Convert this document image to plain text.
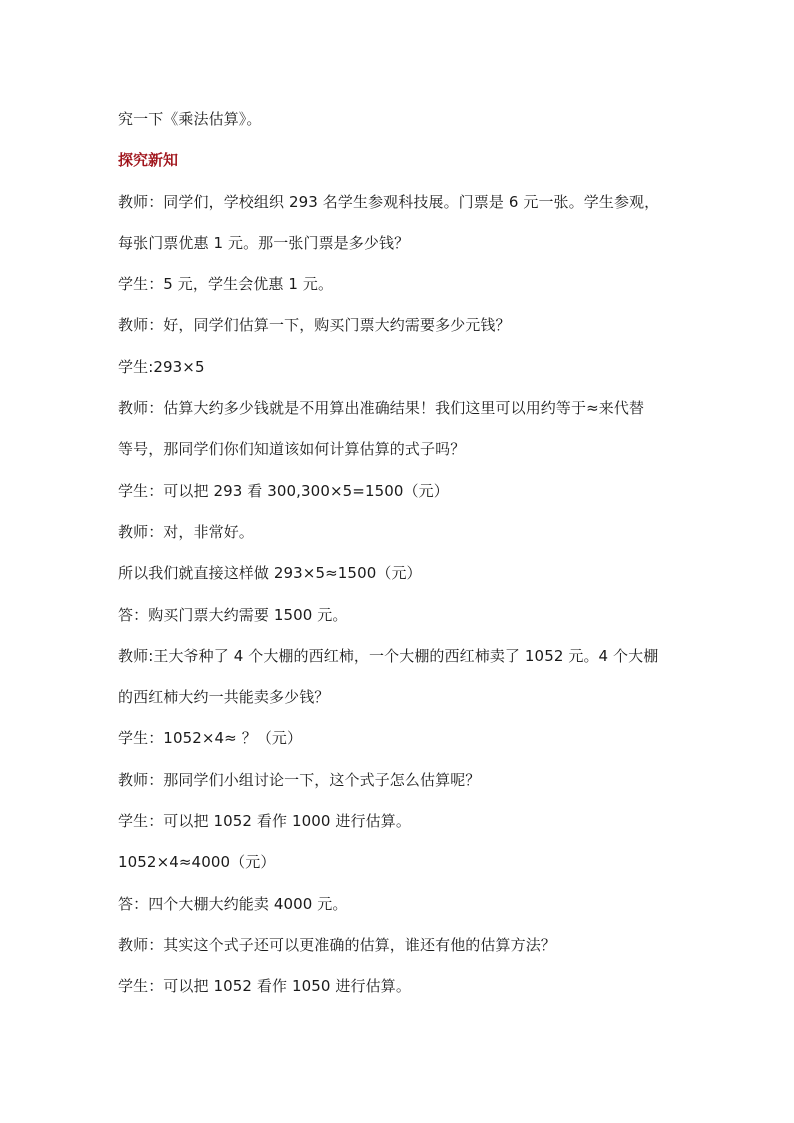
究一下《乘法估算》。
探究新知
教师：同学们，学校组织 293 名学生参观科技展。门票是 6 元一张。学生参观，
每张门票优惠 1 元。那一张门票是多少钱？
学生：5 元，学生会优惠 1 元。
教师：好，同学们估算一下，购买门票大约需要多少元钱？
学生:293×5
教师：估算大约多少钱就是不用算出准确结果！我们这里可以用约等于≈来代替
等号，那同学们你们知道该如何计算估算的式子吗？
学生：可以把 293 看 300,300×5=1500（元）
教师：对，非常好。
所以我们就直接这样做 293×5≈1500（元）
答：购买门票大约需要 1500 元。
教师:王大爷种了 4 个大棚的西红柿，一个大棚的西红柿卖了 1052 元。4 个大棚
的西红柿大约一共能卖多少钱？
学生：1052×4≈ ？（元）
教师：那同学们小组讨论一下，这个式子怎么估算呢？
学生：可以把 1052 看作 1000 进行估算。
1052×4≈4000（元）
答：四个大棚大约能卖 4000 元。
教师：其实这个式子还可以更准确的估算，谁还有他的估算方法？
学生：可以把 1052 看作 1050 进行估算。
